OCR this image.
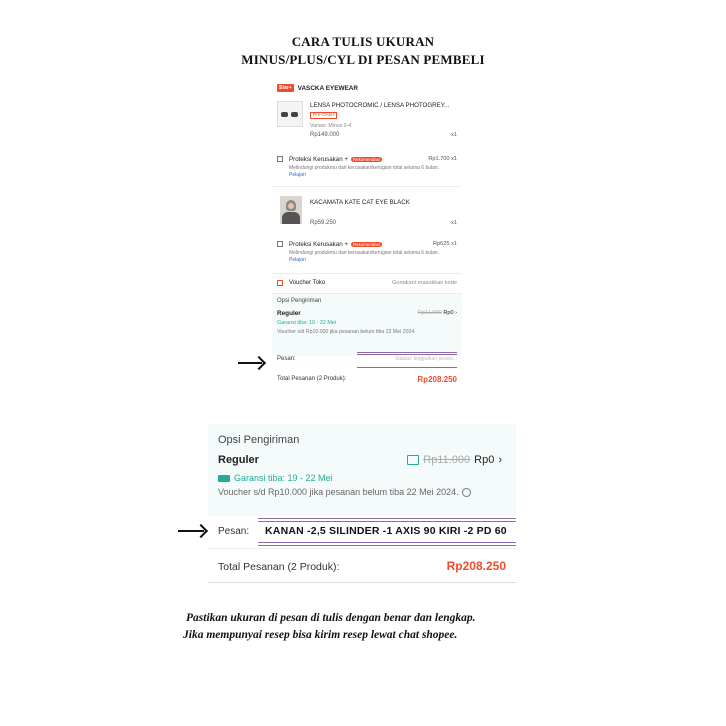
CARA TULIS UKURAN
MINUS/PLUS/CYL DI PESAN PEMBELI
Star+ VASCKA EYEWEAR
LENSA PHOTOCROMIC / LENSA PHOTOGREY...
Pre-Order
Variasi: Minus 0-4
Rp149.000	x1
Proteksi Kerusakan + Rekomendasi	Rp1.700 x1
Melindungi produkmu dari kerusakan/kerugian total selama 6 bulan. Pelajari
KACAMATA KATE CAT EYE BLACK
Rp59.250	x1
Proteksi Kerusakan + Rekomendasi	Rp625 x1
Melindungi produkmu dari kerusakan/kerugian total selama 6 bulan. Pelajari
Voucher Toko	Gunakan/ masukkan kode
Opsi Pengiriman
Reguler	Rp11.000 Rp0 ›
Garansi tiba: 19 - 22 Mei
Voucher s/d Rp10.000 jika pesanan belum tiba 22 Mei 2024.
Pesan:	Silakan tinggalkan pesan...
Total Pesanan (2 Produk):	Rp208.250
Opsi Pengiriman
Reguler	Rp11.000 Rp0 ›
Garansi tiba: 19 - 22 Mei
Voucher s/d Rp10.000 jika pesanan belum tiba 22 Mei 2024.
Pesan: KANAN -2,5 SILINDER -1 AXIS 90 KIRI -2 PD 60
Total Pesanan (2 Produk):	Rp208.250
Pastikan ukuran di pesan di tulis dengan benar dan lengkap.
Jika mempunyai resep bisa kirim resep lewat chat shopee.
